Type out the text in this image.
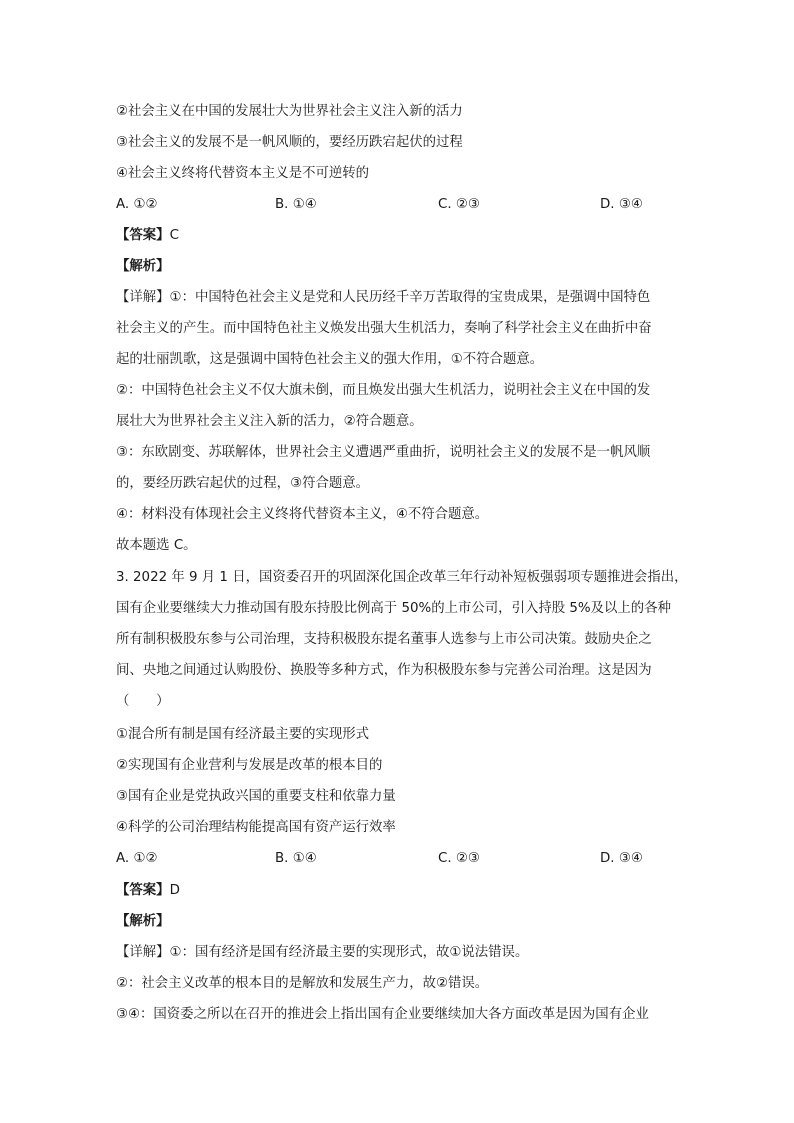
②社会主义在中国的发展壮大为世界社会主义注入新的活力
③社会主义的发展不是一帆风顺的，要经历跌宕起伏的过程
④社会主义终将代替资本主义是不可逆转的
A. ①②	B. ①④	C. ②③	D. ③④
【答案】C
【解析】
【详解】①：中国特色社会主义是党和人民历经千辛万苦取得的宝贵成果，是强调中国特色
社会主义的产生。而中国特色社主义焕发出强大生机活力，奏响了科学社会主义在曲折中奋
起的壮丽凯歌，这是强调中国特色社会主义的强大作用，①不符合题意。
②：中国特色社会主义不仅大旗未倒，而且焕发出强大生机活力，说明社会主义在中国的发
展壮大为世界社会主义注入新的活力，②符合题意。
③：东欧剧变、苏联解体，世界社会主义遭遇严重曲折，说明社会主义的发展不是一帆风顺
的，要经历跌宕起伏的过程，③符合题意。
④：材料没有体现社会主义终将代替资本主义，④不符合题意。
故本题选 C。
3. 2022 年 9 月 1 日，国资委召开的巩固深化国企改革三年行动补短板强弱项专题推进会指出，
国有企业要继续大力推动国有股东持股比例高于 50%的上市公司，引入持股 5%及以上的各种
所有制积极股东参与公司治理，支持积极股东提名董事人选参与上市公司决策。鼓励央企之
间、央地之间通过认购股份、换股等多种方式，作为积极股东参与完善公司治理。这是因为
（　　）
①混合所有制是国有经济最主要的实现形式
②实现国有企业营利与发展是改革的根本目的
③国有企业是党执政兴国的重要支柱和依靠力量
④科学的公司治理结构能提高国有资产运行效率
A. ①②	B. ①④	C. ②③	D. ③④
【答案】D
【解析】
【详解】①：国有经济是国有经济最主要的实现形式，故①说法错误。
②：社会主义改革的根本目的是解放和发展生产力，故②错误。
③④：国资委之所以在召开的推进会上指出国有企业要继续加大各方面改革是因为国有企业
